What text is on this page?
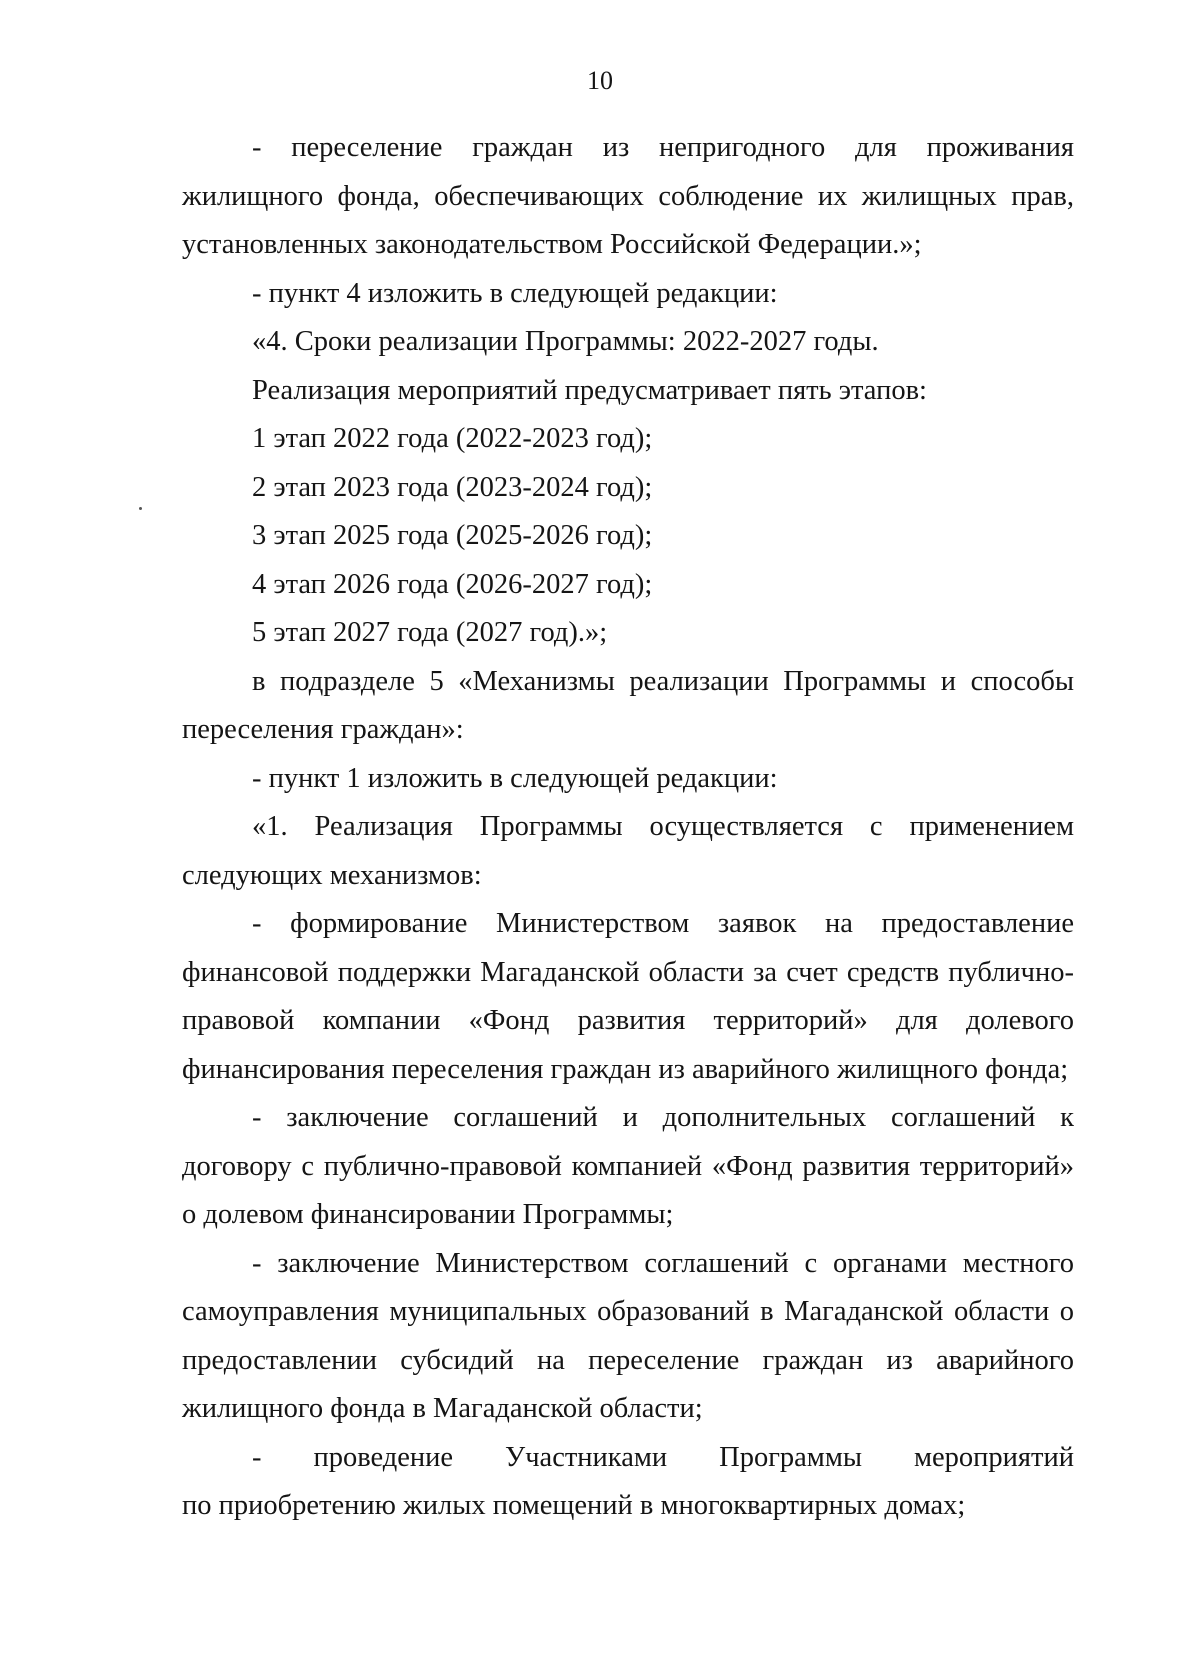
10

- переселение граждан из непригодного для проживания жилищного фонда, обеспечивающих соблюдение их жилищных прав, установленных законодательством Российской Федерации.»;

- пункт 4 изложить в следующей редакции:

«4. Сроки реализации Программы: 2022-2027 годы.

Реализация мероприятий предусматривает пять этапов:

1 этап 2022 года (2022-2023 год);

2 этап 2023 года (2023-2024 год);

3 этап 2025 года (2025-2026 год);

4 этап 2026 года (2026-2027 год);

5 этап 2027 года (2027 год).»;

в подразделе 5 «Механизмы реализации Программы и способы переселения граждан»:

- пункт 1 изложить в следующей редакции:

«1. Реализация Программы осуществляется с применением следующих механизмов:

- формирование Министерством заявок на предоставление финансовой поддержки Магаданской области за счет средств публично-правовой компании «Фонд развития территорий» для долевого финансирования переселения граждан из аварийного жилищного фонда;

- заключение соглашений и дополнительных соглашений к договору с публично-правовой компанией «Фонд развития территорий» о долевом финансировании Программы;

- заключение Министерством соглашений с органами местного самоуправления муниципальных образований в Магаданской области о предоставлении субсидий на переселение граждан из аварийного жилищного фонда в Магаданской области;

- проведение Участниками Программы мероприятий
по приобретению жилых помещений в многоквартирных домах;
